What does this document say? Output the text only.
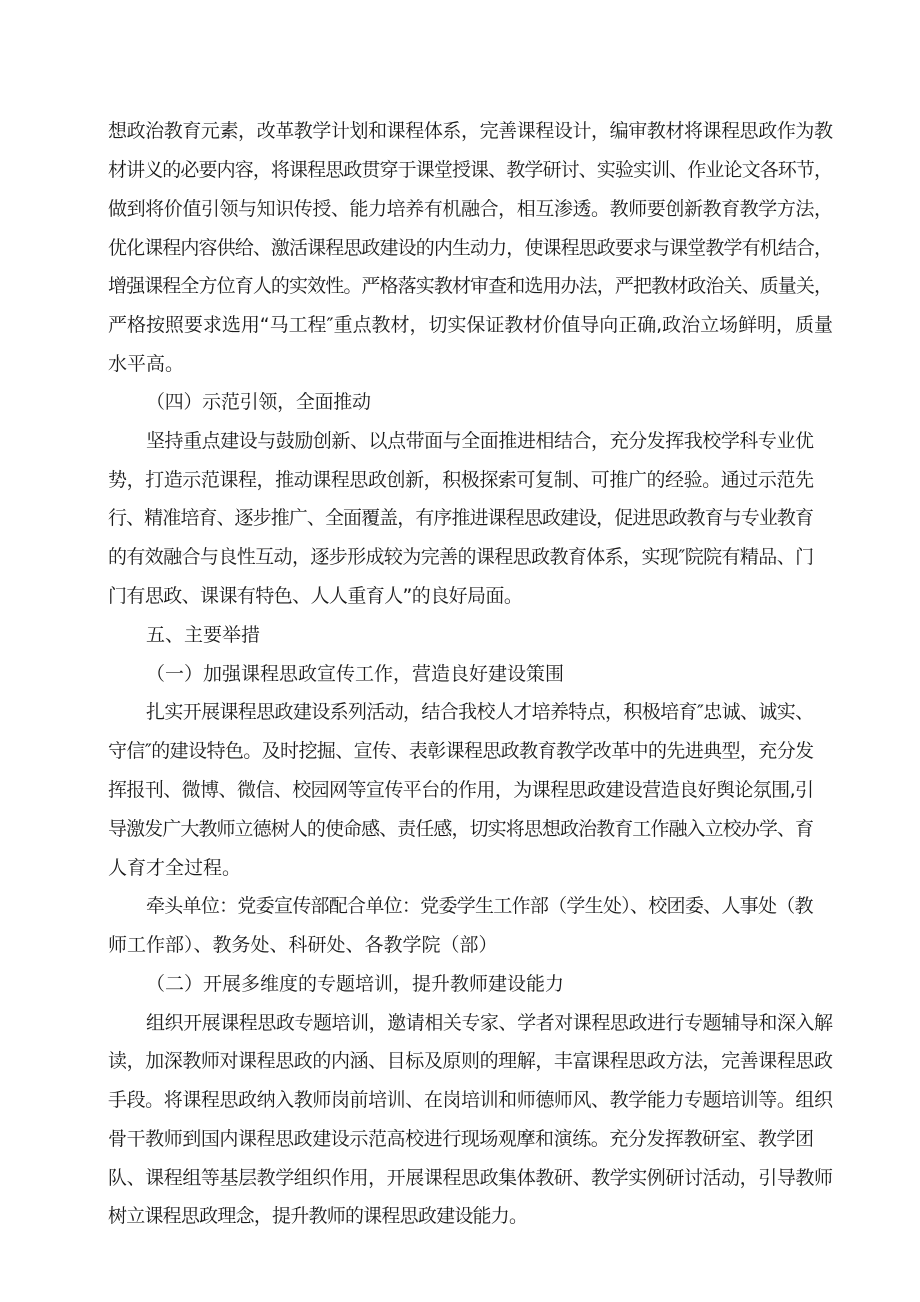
想政治教育元素，改革教学计划和课程体系，完善课程设计，编审教材将课程思政作为教
材讲义的必要内容，将课程思政贯穿于课堂授课、教学研讨、实验实训、作业论文各环节，
做到将价值引领与知识传授、能力培养有机融合，相互渗透。教师要创新教育教学方法，
优化课程内容供给、激活课程思政建设的内生动力，使课程思政要求与课堂教学有机结合，
增强课程全方位育人的实效性。严格落实教材审查和选用办法，严把教材政治关、质量关，
严格按照要求选用“马工程″重点教材，切实保证教材价值导向正确,政治立场鲜明，质量
水平高。
（四）示范引领，全面推动
坚持重点建设与鼓励创新、以点带面与全面推进相结合，充分发挥我校学科专业优
势，打造示范课程，推动课程思政创新，积极探索可复制、可推广的经验。通过示范先
行、精准培育、逐步推广、全面覆盖，有序推进课程思政建设，促进思政教育与专业教育
的有效融合与良性互动，逐步形成较为完善的课程思政教育体系，实现″院院有精品、门
门有思政、课课有特色、人人重育人”的良好局面。
五、主要举措
（一）加强课程思政宣传工作，营造良好建设策围
扎实开展课程思政建设系列活动，结合我校人才培养特点，积极培育″忠诚、诚实、
守信″的建设特色。及时挖掘、宣传、表彰课程思政教育教学改革中的先进典型，充分发
挥报刊、微博、微信、校园网等宣传平台的作用，为课程思政建设营造良好舆论氛围,引
导激发广大教师立德树人的使命感、责任感，切实将思想政治教育工作融入立校办学、育
人育才全过程。
牵头单位：党委宣传部配合单位：党委学生工作部（学生处）、校团委、人事处（教
师工作部）、教务处、科研处、各教学院（部）
（二）开展多维度的专题培训，提升教师建设能力
组织开展课程思政专题培训，邀请相关专家、学者对课程思政进行专题辅导和深入解
读，加深教师对课程思政的内涵、目标及原则的理解，丰富课程思政方法，完善课程思政
手段。将课程思政纳入教师岗前培训、在岗培训和师德师风、教学能力专题培训等。组织
骨干教师到国内课程思政建设示范高校进行现场观摩和演练。充分发挥教研室、教学团
队、课程组等基层教学组织作用，开展课程思政集体教研、教学实例研讨活动，引导教师
树立课程思政理念，提升教师的课程思政建设能力。
